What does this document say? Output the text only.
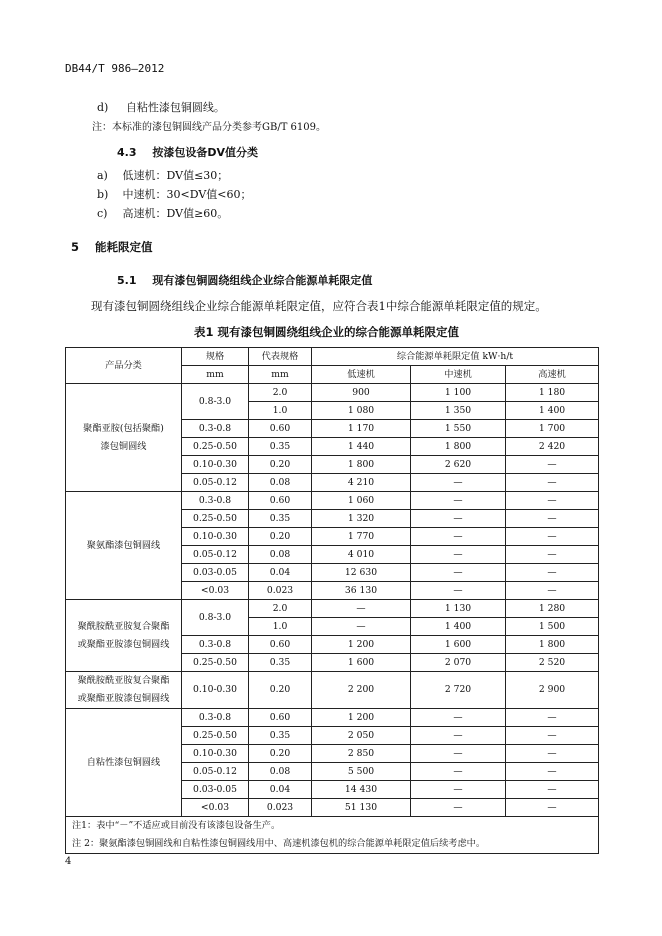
DB44/T 986—2012
d) 自粘性漆包铜圆线。
注：本标准的漆包铜圆线产品分类参考GB/T 6109。
4.3 按漆包设备DV值分类
a) 低速机：DV值≤30；
b) 中速机：30<DV值<60；
c) 高速机：DV值≥60。
5 能耗限定值
5.1 现有漆包铜圆绕组线企业综合能源单耗限定值
现有漆包铜圆绕组线企业综合能源单耗限定值，应符合表1中综合能源单耗限定值的规定。
表1 现有漆包铜圆绕组线企业的综合能源单耗限定值
产品分类	规格	代表规格	综合能源单耗限定值 kW·h/t		
	mm	mm	低速机	中速机	高速机

聚酯亚胺(包括聚酯)
漆包铜圆线	0.8-3.0	2.0	900	1 100	1 180
		1.0	1 080	1 350	1 400
	0.3-0.8	0.60	1 170	1 550	1 700
	0.25-0.50	0.35	1 440	1 800	2 420
	0.10-0.30	0.20	1 800	2 620	—
	0.05-0.12	0.08	4 210	—	—

聚氨酯漆包铜圆线	0.3-0.8	0.60	1 060	—	—
	0.25-0.50	0.35	1 320	—	—
	0.10-0.30	0.20	1 770	—	—
	0.05-0.12	0.08	4 010	—	—
	0.03-0.05	0.04	12 630	—	—
	<0.03	0.023	36 130	—	—

聚酰胺酰亚胺复合聚酯
或聚酯亚胺漆包铜圆线	0.8-3.0	2.0	—	1 130	1 280
		1.0	—	1 400	1 500
	0.3-0.8	0.60	1 200	1 600	1 800
	0.25-0.50	0.35	1 600	2 070	2 520

聚酰胺酰亚胺复合聚酯
或聚酯亚胺漆包铜圆线	0.10-0.30	0.20	2 200	2 720	2 900

自粘性漆包铜圆线	0.3-0.8	0.60	1 200	—	—
	0.25-0.50	0.35	2 050	—	—
	0.10-0.30	0.20	2 850	—	—
	0.05-0.12	0.08	5 500	—	—
	0.03-0.05	0.04	14 430	—	—
	<0.03	0.023	51 130	—	—

注1：表中“－”不适应或目前没有该漆包设备生产。
注 2：聚氨酯漆包铜圆线和自粘性漆包铜圆线用中、高速机漆包机的综合能源单耗限定值后续考虑中。					
4
